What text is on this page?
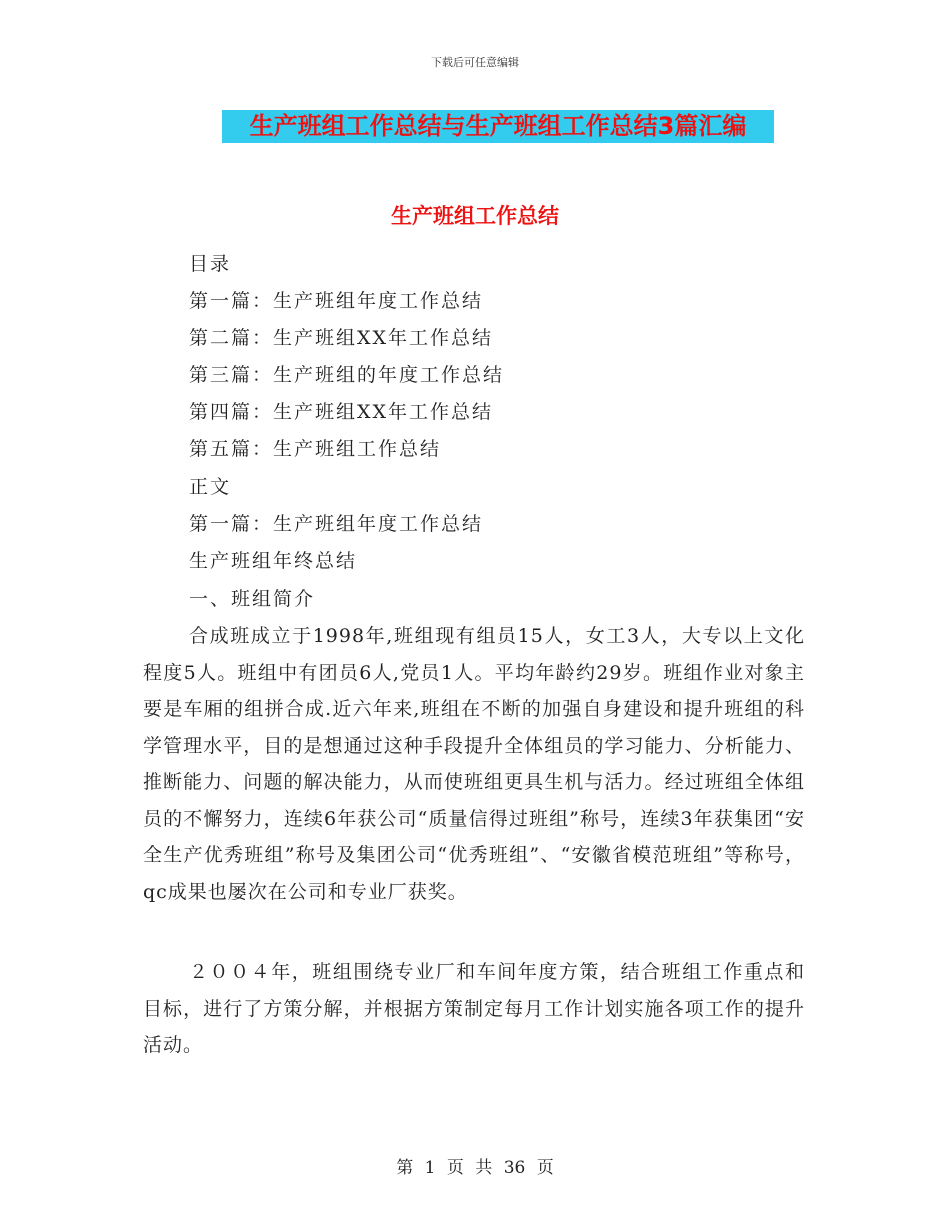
下载后可任意编辑
生产班组工作总结与生产班组工作总结3篇汇编
生产班组工作总结
目录
第一篇：生产班组年度工作总结
第二篇：生产班组XX年工作总结
第三篇：生产班组的年度工作总结
第四篇：生产班组XX年工作总结
第五篇：生产班组工作总结
正文
第一篇：生产班组年度工作总结
生产班组年终总结
一、班组简介
合成班成立于1998年,班组现有组员15人，女工3人，大专以上文化程度5人。班组中有团员6人,党员1人。平均年龄约29岁。班组作业对象主要是车厢的组拼合成.近六年来,班组在不断的加强自身建设和提升班组的科学管理水平，目的是想通过这种手段提升全体组员的学习能力、分析能力、推断能力、问题的解决能力，从而使班组更具生机与活力。经过班组全体组员的不懈努力，连续6年获公司“质量信得过班组”称号，连续3年获集团“安全生产优秀班组”称号及集团公司“优秀班组”、“安徽省模范班组”等称号，qc成果也屡次在公司和专业厂获奖。
２００４年，班组围绕专业厂和车间年度方策，结合班组工作重点和目标，进行了方策分解，并根据方策制定每月工作计划实施各项工作的提升活动。
第 1 页 共 36 页
